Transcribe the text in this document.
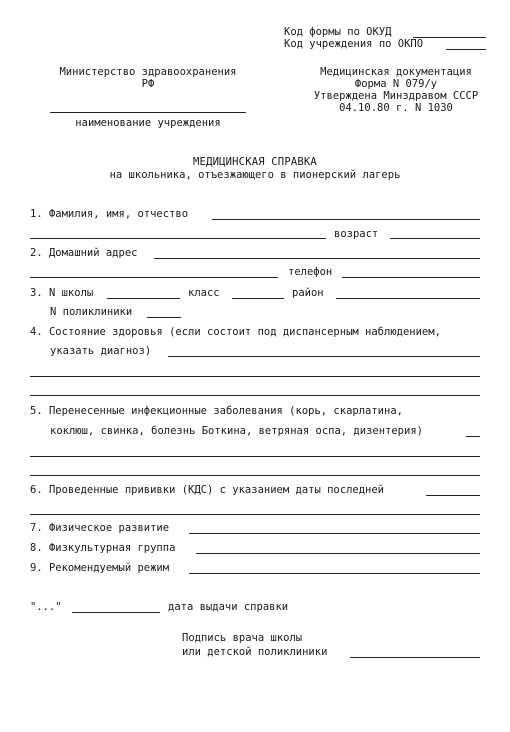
Код формы по ОКУД
Код учреждения по ОКПО
Министерство здравоохранения
РФ
наименование учреждения
Медицинская документация
Форма N 079/у
Утверждена Минздравом СССР
04.10.80 г. N 1030
МЕДИЦИНСКАЯ СПРАВКА
на школьника, отъезжающего в пионерский лагерь
1. Фамилия, имя, отчество
возраст
2. Домашний адрес
телефон
3. N школы	класс	район
N поликлиники
4. Состояние здоровья (если состоит под диспансерным наблюдением,
указать диагноз)
5. Перенесенные инфекционные заболевания (корь, скарлатина,
коклюш, свинка, болезнь Боткина, ветряная оспа, дизентерия)
6. Проведенные прививки (КДС) с указанием даты последней
7. Физическое развитие
8. Физкультурная группа
9. Рекомендуемый режим
"..."	дата выдачи справки
Подпись врача школы
или детской поликлиники
